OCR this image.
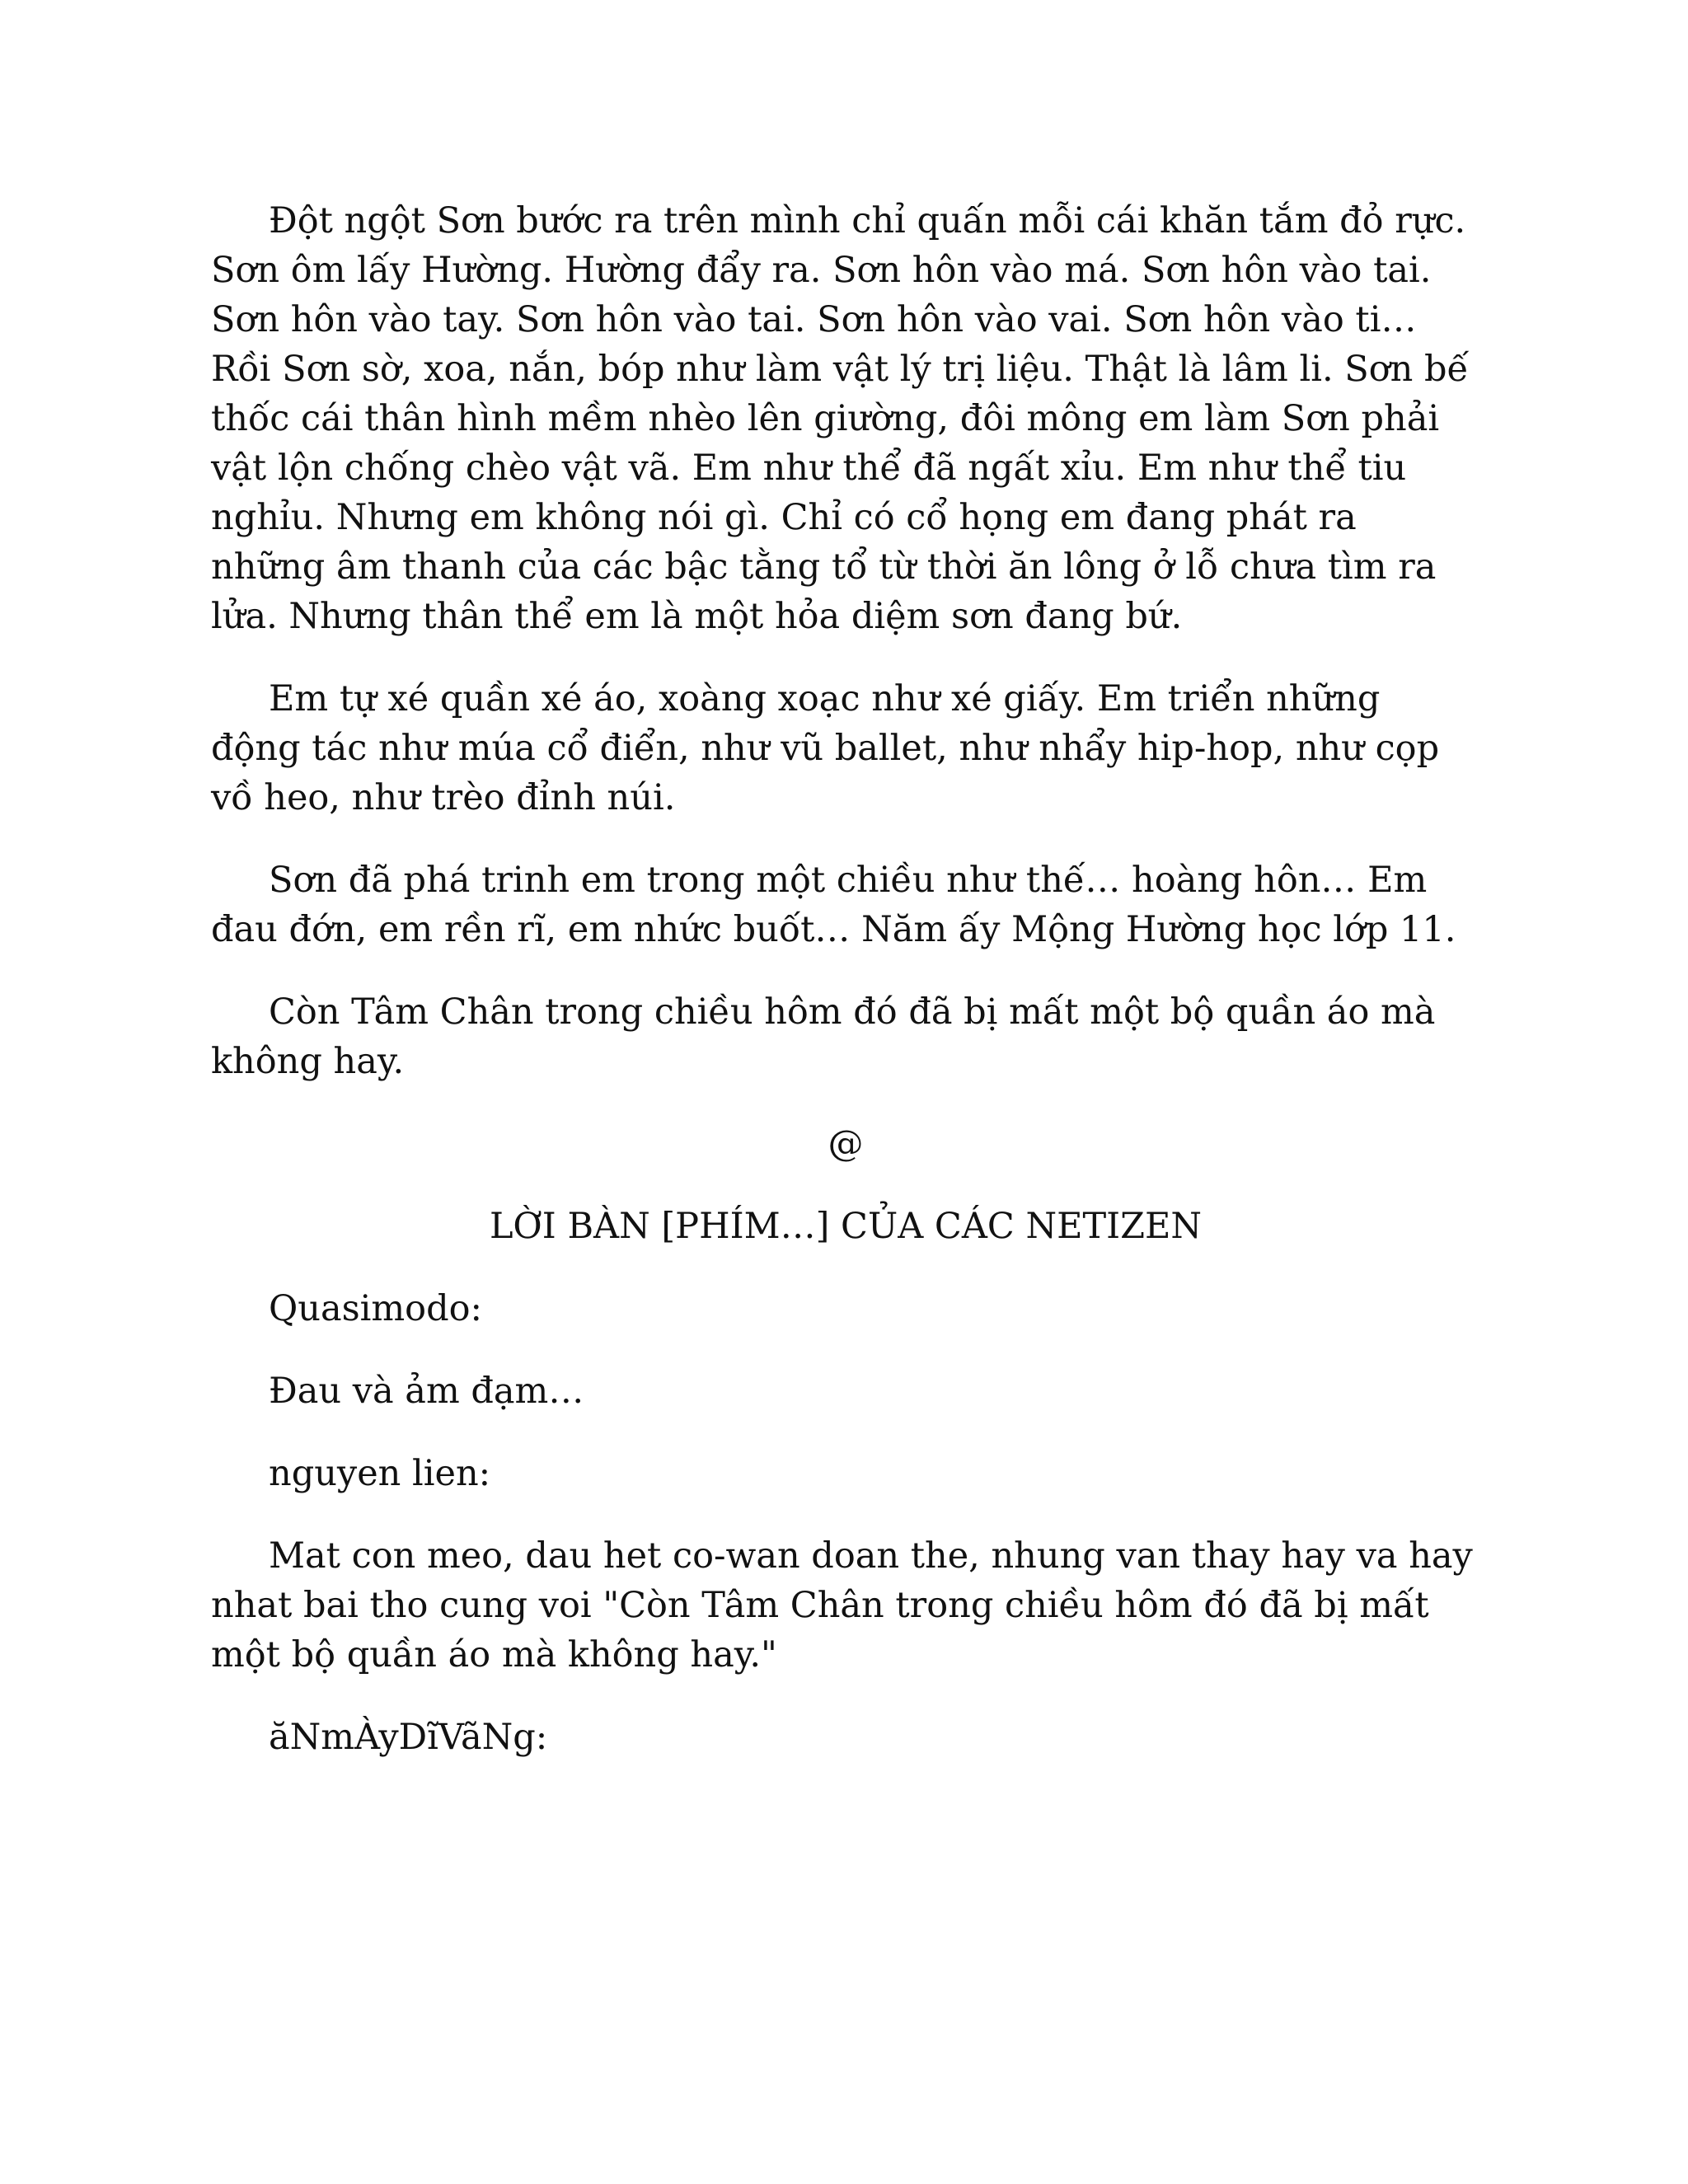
Đột ngột Sơn bước ra trên mình chỉ quấn mỗi cái khăn tắm đỏ rực. Sơn ôm lấy Hường. Hường đẩy ra. Sơn hôn vào má. Sơn hôn vào tai. Sơn hôn vào tay. Sơn hôn vào tai. Sơn hôn vào vai. Sơn hôn vào ti… Rồi Sơn sờ, xoa, nắn, bóp như làm vật lý trị liệu. Thật là lâm li. Sơn bế thốc cái thân hình mềm nhèo lên giường, đôi mông em làm Sơn phải vật lộn chống chèo vật vã. Em như thể đã ngất xỉu. Em như thể tiu nghỉu. Nhưng em không nói gì. Chỉ có cổ họng em đang phát ra những âm thanh của các bậc tằng tổ từ thời ăn lông ở lỗ chưa tìm ra lửa. Nhưng thân thể em là một hỏa diệm sơn đang bứ.

Em tự xé quần xé áo, xoàng xoạc như xé giấy. Em triển những động tác như múa cổ điển, như vũ ballet, như nhẩy hip-hop, như cọp vồ heo, như trèo đỉnh núi.

Sơn đã phá trinh em trong một chiều như thế… hoàng hôn… Em đau đớn, em rền rĩ, em nhức buốt… Năm ấy Mộng Hường học lớp 11.

Còn Tâm Chân trong chiều hôm đó đã bị mất một bộ quần áo mà không hay.

@

LỜI BÀN [PHÍM…] CỦA CÁC NETIZEN

Quasimodo:

Đau và ảm đạm…

nguyen lien:

Mat con meo, dau het co-wan doan the, nhung van thay hay va hay nhat bai tho cung voi "Còn Tâm Chân trong chiều hôm đó đã bị mất một bộ quần áo mà không hay."

ăNmÀyDĩVãNg:
